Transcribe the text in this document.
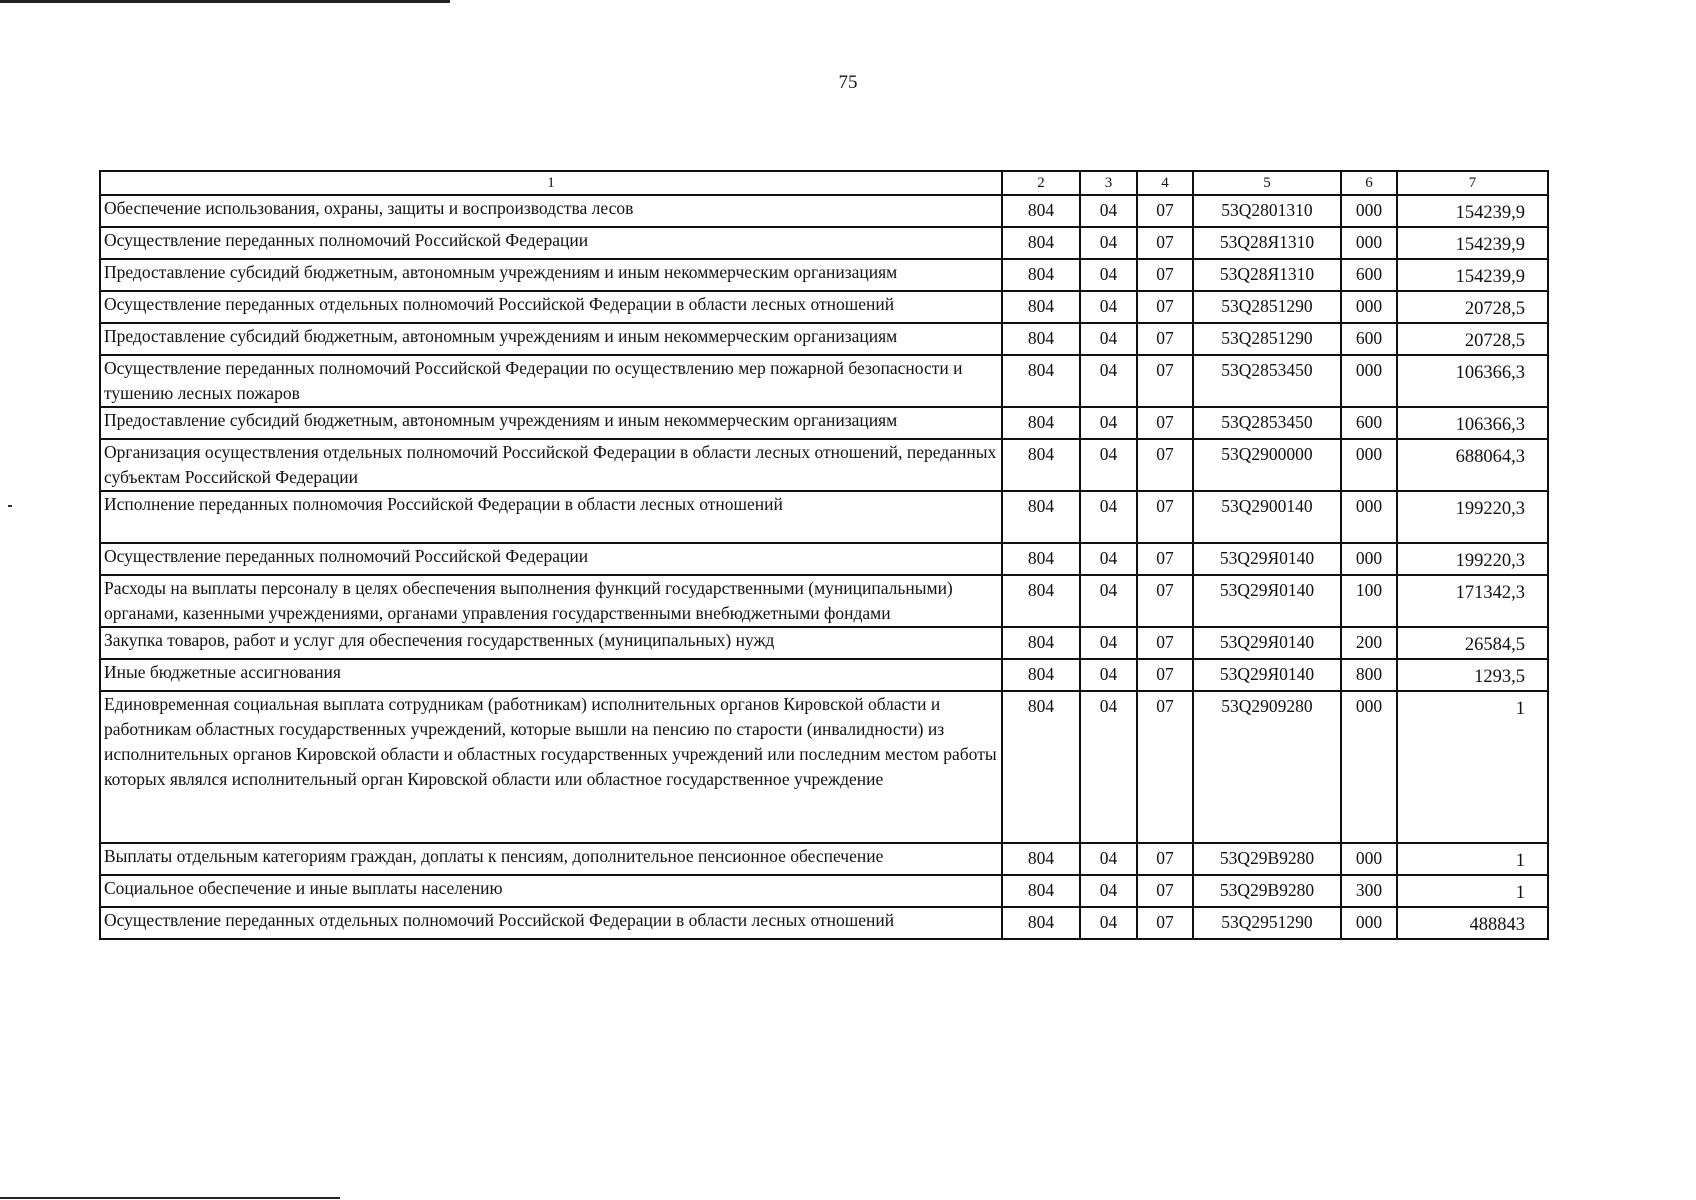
75
1	2	3	4	5	6	7
Обеспечение использования, охраны, защиты и воспроизводства лесов	804	04	07	53Q2801310	000	154239,9
Осуществление переданных полномочий Российской Федерации	804	04	07	53Q28Я1310	000	154239,9
Предоставление субсидий бюджетным, автономным учреждениям и иным некоммерческим организациям	804	04	07	53Q28Я1310	600	154239,9
Осуществление переданных отдельных полномочий Российской Федерации в области лесных отношений	804	04	07	53Q2851290	000	20728,5
Предоставление субсидий бюджетным, автономным учреждениям и иным некоммерческим организациям	804	04	07	53Q2851290	600	20728,5
Осуществление переданных полномочий Российской Федерации по осуществлению мер пожарной безопасности и тушению лесных пожаров	804	04	07	53Q2853450	000	106366,3
Предоставление субсидий бюджетным, автономным учреждениям и иным некоммерческим организациям	804	04	07	53Q2853450	600	106366,3
Организация осуществления отдельных полномочий Российской Федерации в области лесных отношений, переданных субъектам Российской Федерации	804	04	07	53Q2900000	000	688064,3
Исполнение переданных полномочия Российской Федерации в области лесных отношений	804	04	07	53Q2900140	000	199220,3
Осуществление переданных полномочий Российской Федерации	804	04	07	53Q29Я0140	000	199220,3
Расходы на выплаты персоналу в целях обеспечения выполнения функций государственными (муниципальными) органами, казенными учреждениями, органами управления государственными внебюджетными фондами	804	04	07	53Q29Я0140	100	171342,3
Закупка товаров, работ и услуг для обеспечения государственных (муниципальных) нужд	804	04	07	53Q29Я0140	200	26584,5
Иные бюджетные ассигнования	804	04	07	53Q29Я0140	800	1293,5
Единовременная социальная выплата сотрудникам (работникам) исполнительных органов Кировской области и работникам областных государственных учреждений, которые вышли на пенсию по старости (инвалидности) из исполнительных органов Кировской области и областных государственных учреждений или последним местом работы которых являлся исполнительный орган Кировской области или областное государственное учреждение	804	04	07	53Q2909280	000	1
Выплаты отдельным категориям граждан, доплаты к пенсиям, дополнительное пенсионное обеспечение	804	04	07	53Q29В9280	000	1
Социальное обеспечение и иные выплаты населению	804	04	07	53Q29В9280	300	1
Осуществление переданных отдельных полномочий Российской Федерации в области лесных отношений	804	04	07	53Q2951290	000	488843
